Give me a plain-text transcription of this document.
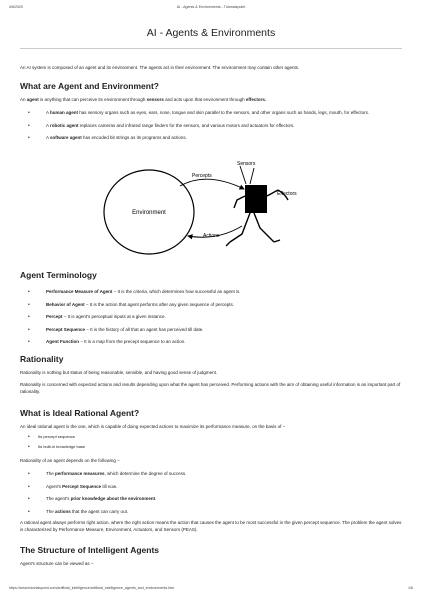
4/8/2020	AI - Agents & Environments - Tutorialspoint
AI - Agents & Environments

An AI system is composed of an agent and its environment. The agents act in their environment. The environment may contain other agents.

What are Agent and Environment?

An agent is anything that can perceive its environment through sensors and acts upon that environment through effectors.

• A human agent has sensory organs such as eyes, ears, nose, tongue and skin parallel to the sensors, and other organs such as hands, legs, mouth, for effectors.
• A robotic agent replaces cameras and infrared range finders for the sensors, and various motors and actuators for effectors.
• A software agent has encoded bit strings as its programs and actions.
Environment
Percepts
Actions
Sensors
Effectors
Agent Terminology
• Performance Measure of Agent − It is the criteria, which determines how successful an agent is.
• Behavior of Agent − It is the action that agent performs after any given sequence of percepts.
• Percept − It is agent's perceptual inputs at a given instance.
• Percept Sequence − It is the history of all that an agent has perceived till date.
• Agent Function − It is a map from the precept sequence to an action.
Rationality

Rationality is nothing but status of being reasonable, sensible, and having good sense of judgment.

Rationality is concerned with expected actions and results depending upon what the agent has perceived. Performing actions with the aim of obtaining useful information is an important part of rationality.

What is Ideal Rational Agent?

An ideal rational agent is the one, which is capable of doing expected actions to maximize its performance measure, on the basis of −

• Its percept sequence
• Its built-in knowledge base

Rationality of an agent depends on the following −

• The performance measures, which determine the degree of success.
• Agent's Percept Sequence till now.
• The agent's prior knowledge about the environment.
• The actions that the agent can carry out.

A rational agent always performs right action, where the right action means the action that causes the agent to be most successful in the given percept sequence. The problem the agent solves is characterized by Performance Measure, Environment, Actuators, and Sensors (PEAS).

The Structure of Intelligent Agents

Agent's structure can be viewed as −

https://www.tutorialspoint.com/artificial_intelligence/artificial_intelligence_agents_and_environments.htm	1/6
